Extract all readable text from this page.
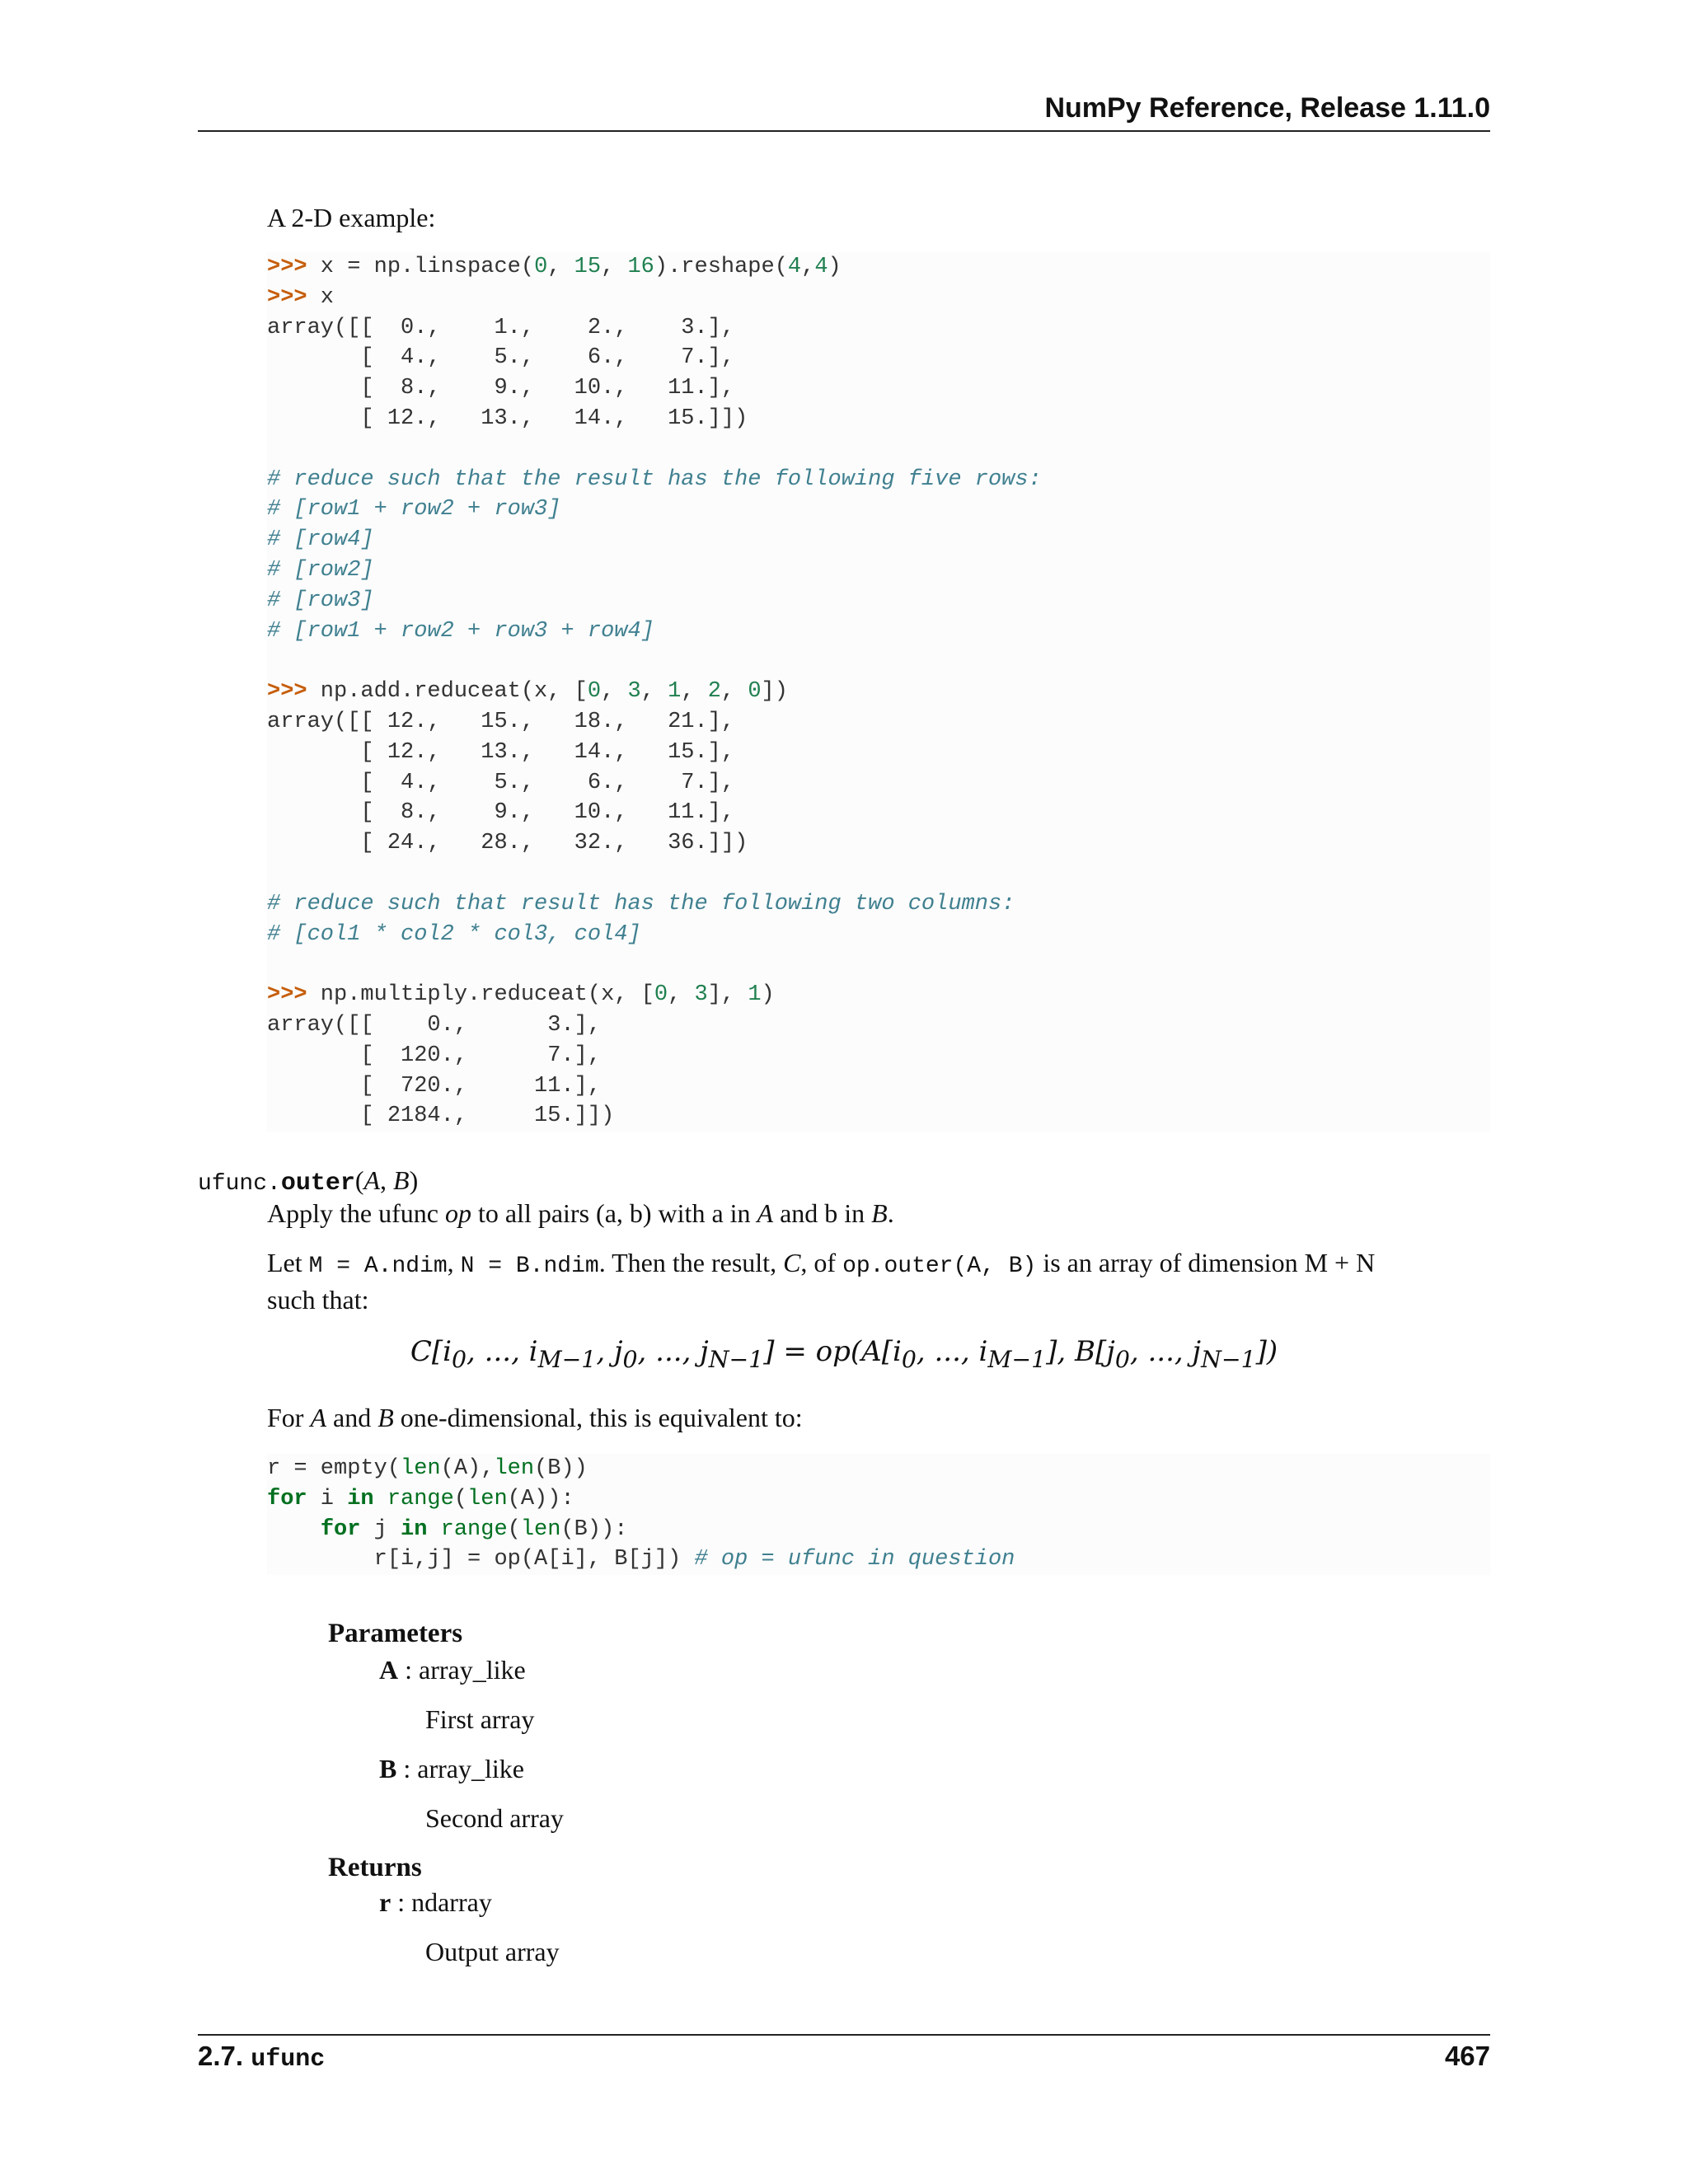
NumPy Reference, Release 1.11.0
A 2-D example:
>>> x = np.linspace(0, 15, 16).reshape(4,4)
>>> x
array([[  0.,    1.,    2.,    3.],
[  4.,    5.,    6.,    7.],
[  8.,    9.,   10.,   11.],
[ 12.,   13.,   14.,   15.]])
# reduce such that the result has the following five rows:
# [row1 + row2 + row3]
# [row4]
# [row2]
# [row3]
# [row1 + row2 + row3 + row4]
>>> np.add.reduceat(x, [0, 3, 1, 2, 0])
array([[ 12.,   15.,   18.,   21.],
[ 12.,   13.,   14.,   15.],
[  4.,    5.,    6.,    7.],
[  8.,    9.,   10.,   11.],
[ 24.,   28.,   32.,   36.]])
# reduce such that result has the following two columns:
# [col1 * col2 * col3, col4]
>>> np.multiply.reduceat(x, [0, 3], 1)
array([[    0.,      3.],
[  120.,      7.],
[  720.,     11.],
[ 2184.,     15.]])
ufunc.outer(A, B)
Apply the ufunc op to all pairs (a, b) with a in A and b in B.
Let M = A.ndim, N = B.ndim. Then the result, C, of op.outer(A, B) is an array of dimension M + N
such that:
$C[i_0$, ..., $i_{M-1}$, $j_0$, ..., $j_{N-1}] = op(A[i_0$, ..., $i_{M-1}$], $B[j_0$, ..., $j_{N-1}$])
For A and B one-dimensional, this is equivalent to:
r = empty(len(A),len(B))
for i in range(len(A)):
for j in range(len(B)):
r[i,j] = op(A[i], B[j]) # op = ufunc in question
Parameters
A : array_like
First array
B : array_like
Second array
Returns
r : ndarray
Output array
2.7. ufunc	467
